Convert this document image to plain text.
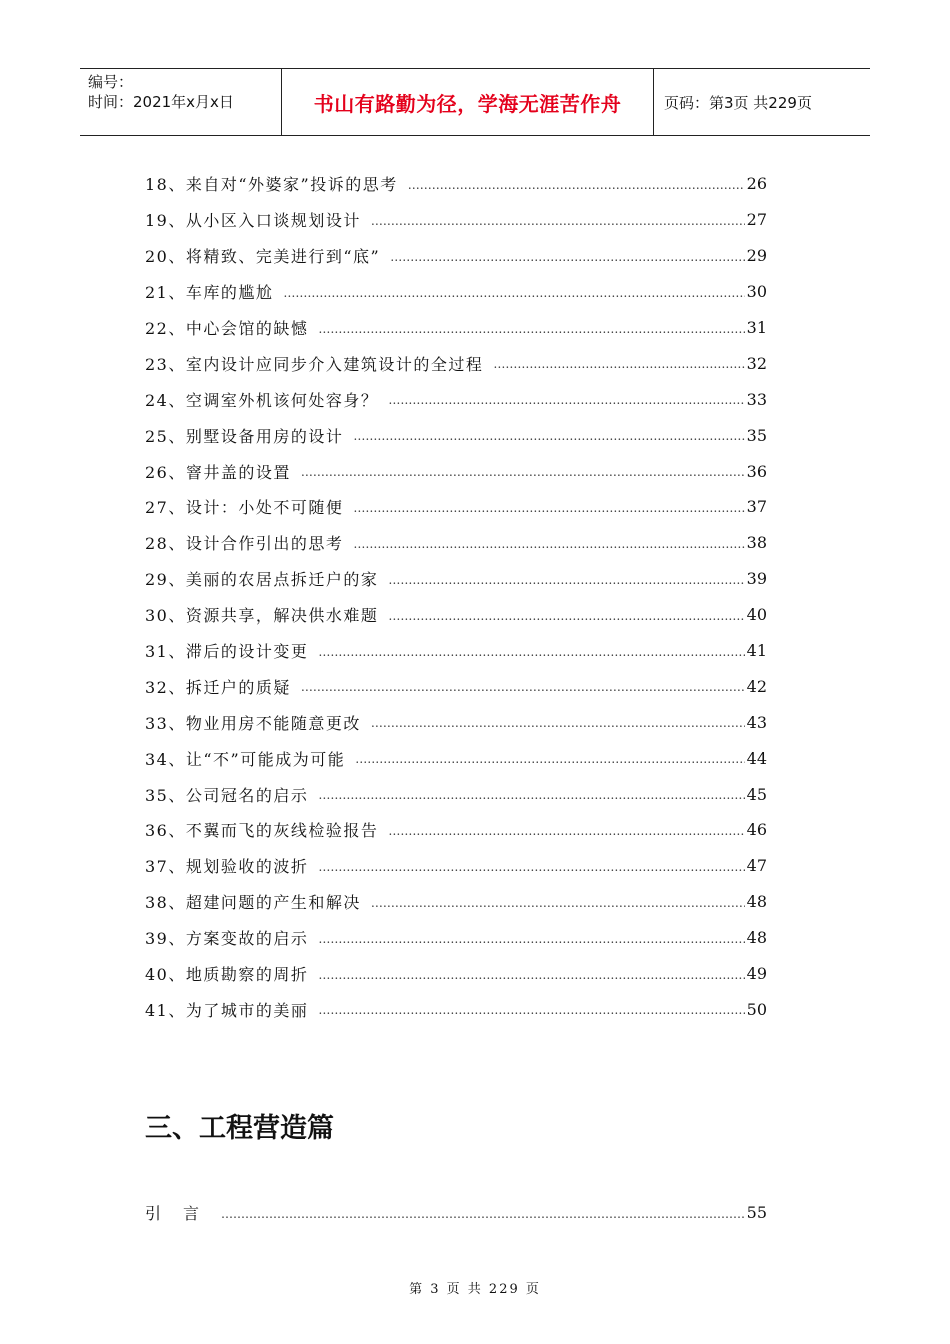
编号：
时间：2021年x月x日	书山有路勤为径，学海无涯苦作舟	页码：第3页 共229页
18、 来自对“外婆家”投诉的思考 ………………………………………………………………………………………………………………………………………………………………	26
19、 从小区入口谈规划设计 ………………………………………………………………………………………………………………………………………………………………	27
20、 将精致、完美进行到“底” ………………………………………………………………………………………………………………………………………………………………	29
21、 车库的尴尬 ………………………………………………………………………………………………………………………………………………………………	30
22、 中心会馆的缺憾 ………………………………………………………………………………………………………………………………………………………………	31
23、 室内设计应同步介入建筑设计的全过程 ………………………………………………………………………………………………………………………………………………………………	32
24、 空调室外机该何处容身？ ………………………………………………………………………………………………………………………………………………………………	33
25、 别墅设备用房的设计 ………………………………………………………………………………………………………………………………………………………………	35
26、 窨井盖的设置 ………………………………………………………………………………………………………………………………………………………………	36
27、 设计：小处不可随便 ………………………………………………………………………………………………………………………………………………………………	37
28、 设计合作引出的思考 ………………………………………………………………………………………………………………………………………………………………	38
29、 美丽的农居点拆迁户的家 ………………………………………………………………………………………………………………………………………………………………	39
30、 资源共享，解决供水难题 ………………………………………………………………………………………………………………………………………………………………	40
31、 滞后的设计变更 ………………………………………………………………………………………………………………………………………………………………	41
32、 拆迁户的质疑 ………………………………………………………………………………………………………………………………………………………………	42
33、 物业用房不能随意更改 ………………………………………………………………………………………………………………………………………………………………	43
34、 让“不”可能成为可能 ………………………………………………………………………………………………………………………………………………………………	44
35、 公司冠名的启示 ………………………………………………………………………………………………………………………………………………………………	45
36、 不翼而飞的灰线检验报告 ………………………………………………………………………………………………………………………………………………………………	46
37、 规划验收的波折 ………………………………………………………………………………………………………………………………………………………………	47
38、 超建问题的产生和解决 ………………………………………………………………………………………………………………………………………………………………	48
39、 方案变故的启示 ………………………………………………………………………………………………………………………………………………………………	48
40、 地质勘察的周折 ………………………………………………………………………………………………………………………………………………………………	49
41、 为了城市的美丽 ………………………………………………………………………………………………………………………………………………………………	50
三、工程营造篇
引言 ………………………………………………………………………………………………………………………………………………………………	55
第 3 页 共 229 页
